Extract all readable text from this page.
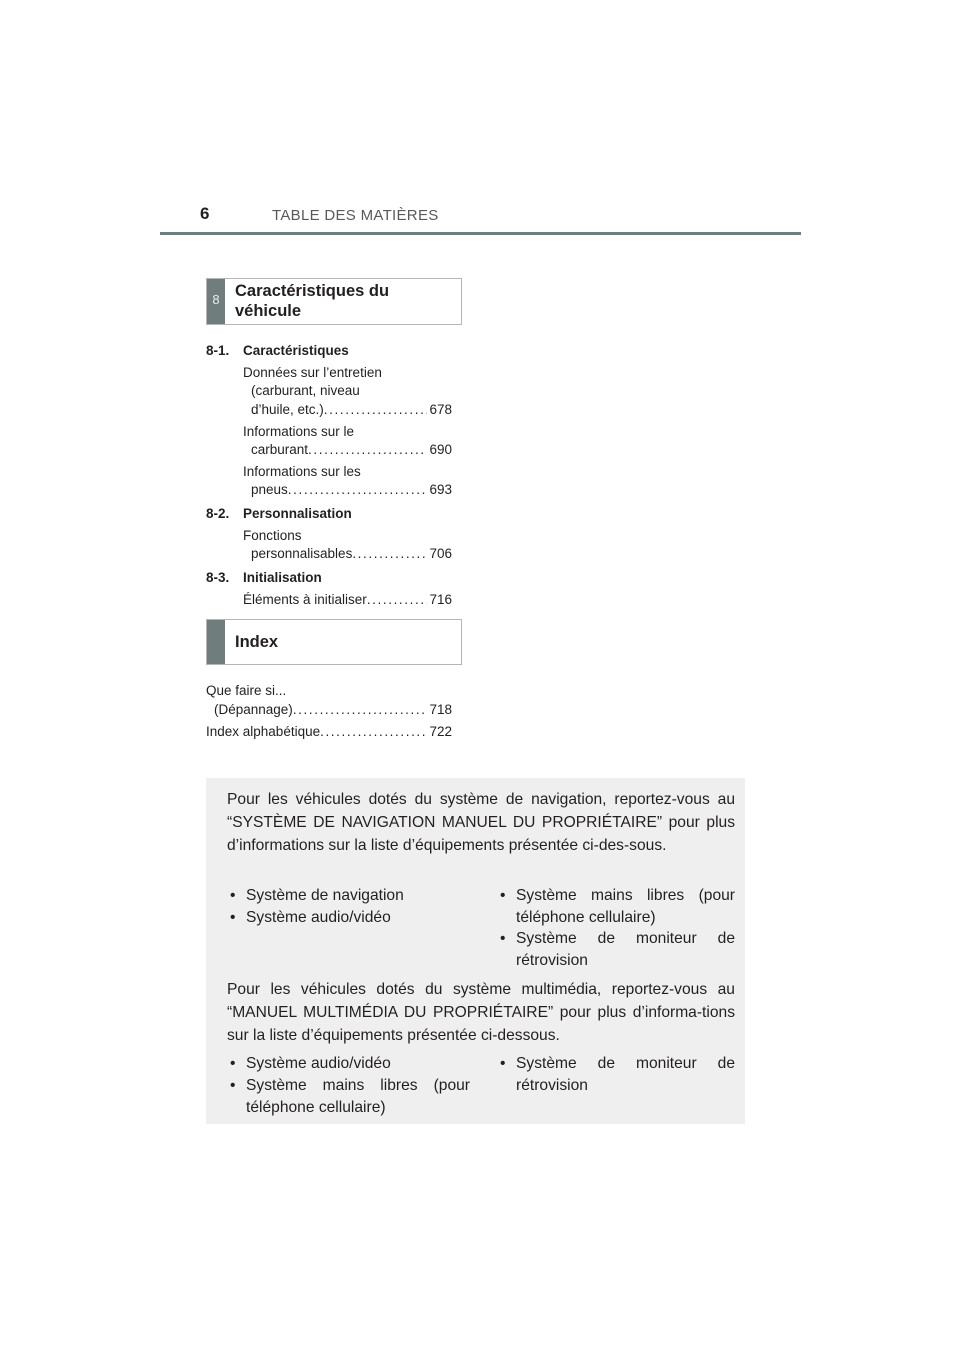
6	TABLE DES MATIÈRES
8 Caractéristiques du
véhicule
8-1. Caractéristiques
Données sur l’entretien
(carburant, niveau
d’huile, etc.) .....	678
Informations sur le
carburant .....	690
Informations sur les
pneus .....	693
8-2. Personnalisation
Fonctions
personnalisables .....	706
8-3. Initialisation
Éléments à initialiser .....	716
Index
Que faire si...
(Dépannage) .....	718
Index alphabétique .....	722
Pour les véhicules dotés du système de navigation, reportez-vous au “SYSTÈME DE NAVIGATION MANUEL DU PROPRIÉTAIRE” pour plus d’informations sur la liste d’équipements présentée ci-des-sous.
• Système de navigation
• Système audio/vidéo
• Système mains libres (pour téléphone cellulaire)
• Système de moniteur de rétrovision
Pour les véhicules dotés du système multimédia, reportez-vous au “MANUEL MULTIMÉDIA DU PROPRIÉTAIRE” pour plus d’informa-tions sur la liste d’équipements présentée ci-dessous.
• Système audio/vidéo
• Système mains libres (pour téléphone cellulaire)
• Système de moniteur de rétrovision
